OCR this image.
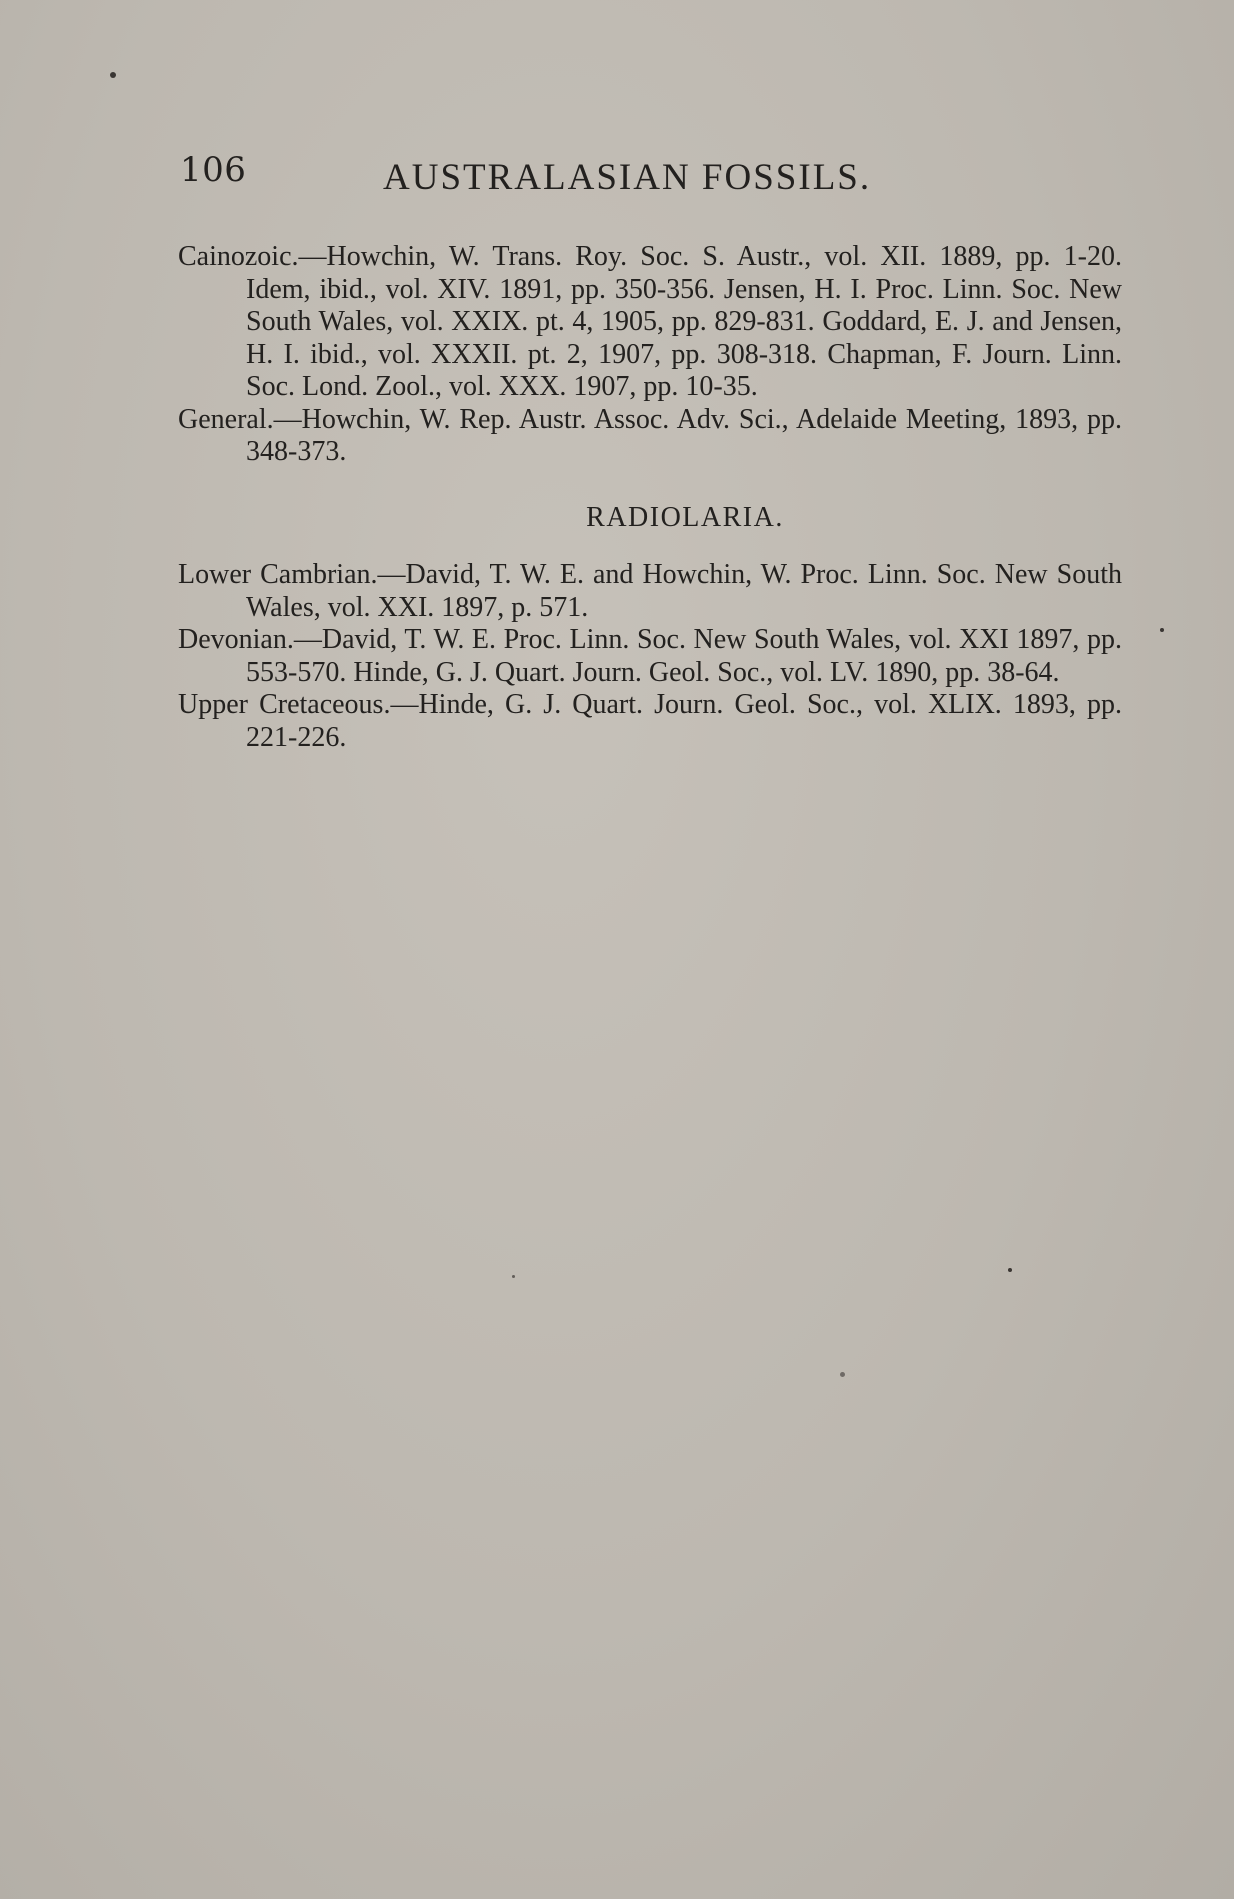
106	AUSTRALASIAN FOSSILS.

Cainozoic.—Howchin, W. Trans. Roy. Soc. S. Austr., vol. XII. 1889, pp. 1-20. Idem, ibid., vol. XIV. 1891, pp. 350-356. Jensen, H. I. Proc. Linn. Soc. New South Wales, vol. XXIX. pt. 4, 1905, pp. 829-831. Goddard, E. J. and Jensen, H. I. ibid., vol. XXXII. pt. 2, 1907, pp. 308-318. Chapman, F. Journ. Linn. Soc. Lond. Zool., vol. XXX. 1907, pp. 10-35.

General.—Howchin, W. Rep. Austr. Assoc. Adv. Sci., Adelaide Meeting, 1893, pp. 348-373.

RADIOLARIA.

Lower Cambrian.—David, T. W. E. and Howchin, W. Proc. Linn. Soc. New South Wales, vol. XXI. 1897, p. 571.

Devonian.—David, T. W. E. Proc. Linn. Soc. New South Wales, vol. XXI 1897, pp. 553-570. Hinde, G. J. Quart. Journ. Geol. Soc., vol. LV. 1890, pp. 38-64.

Upper Cretaceous.—Hinde, G. J. Quart. Journ. Geol. Soc., vol. XLIX. 1893, pp. 221-226.
